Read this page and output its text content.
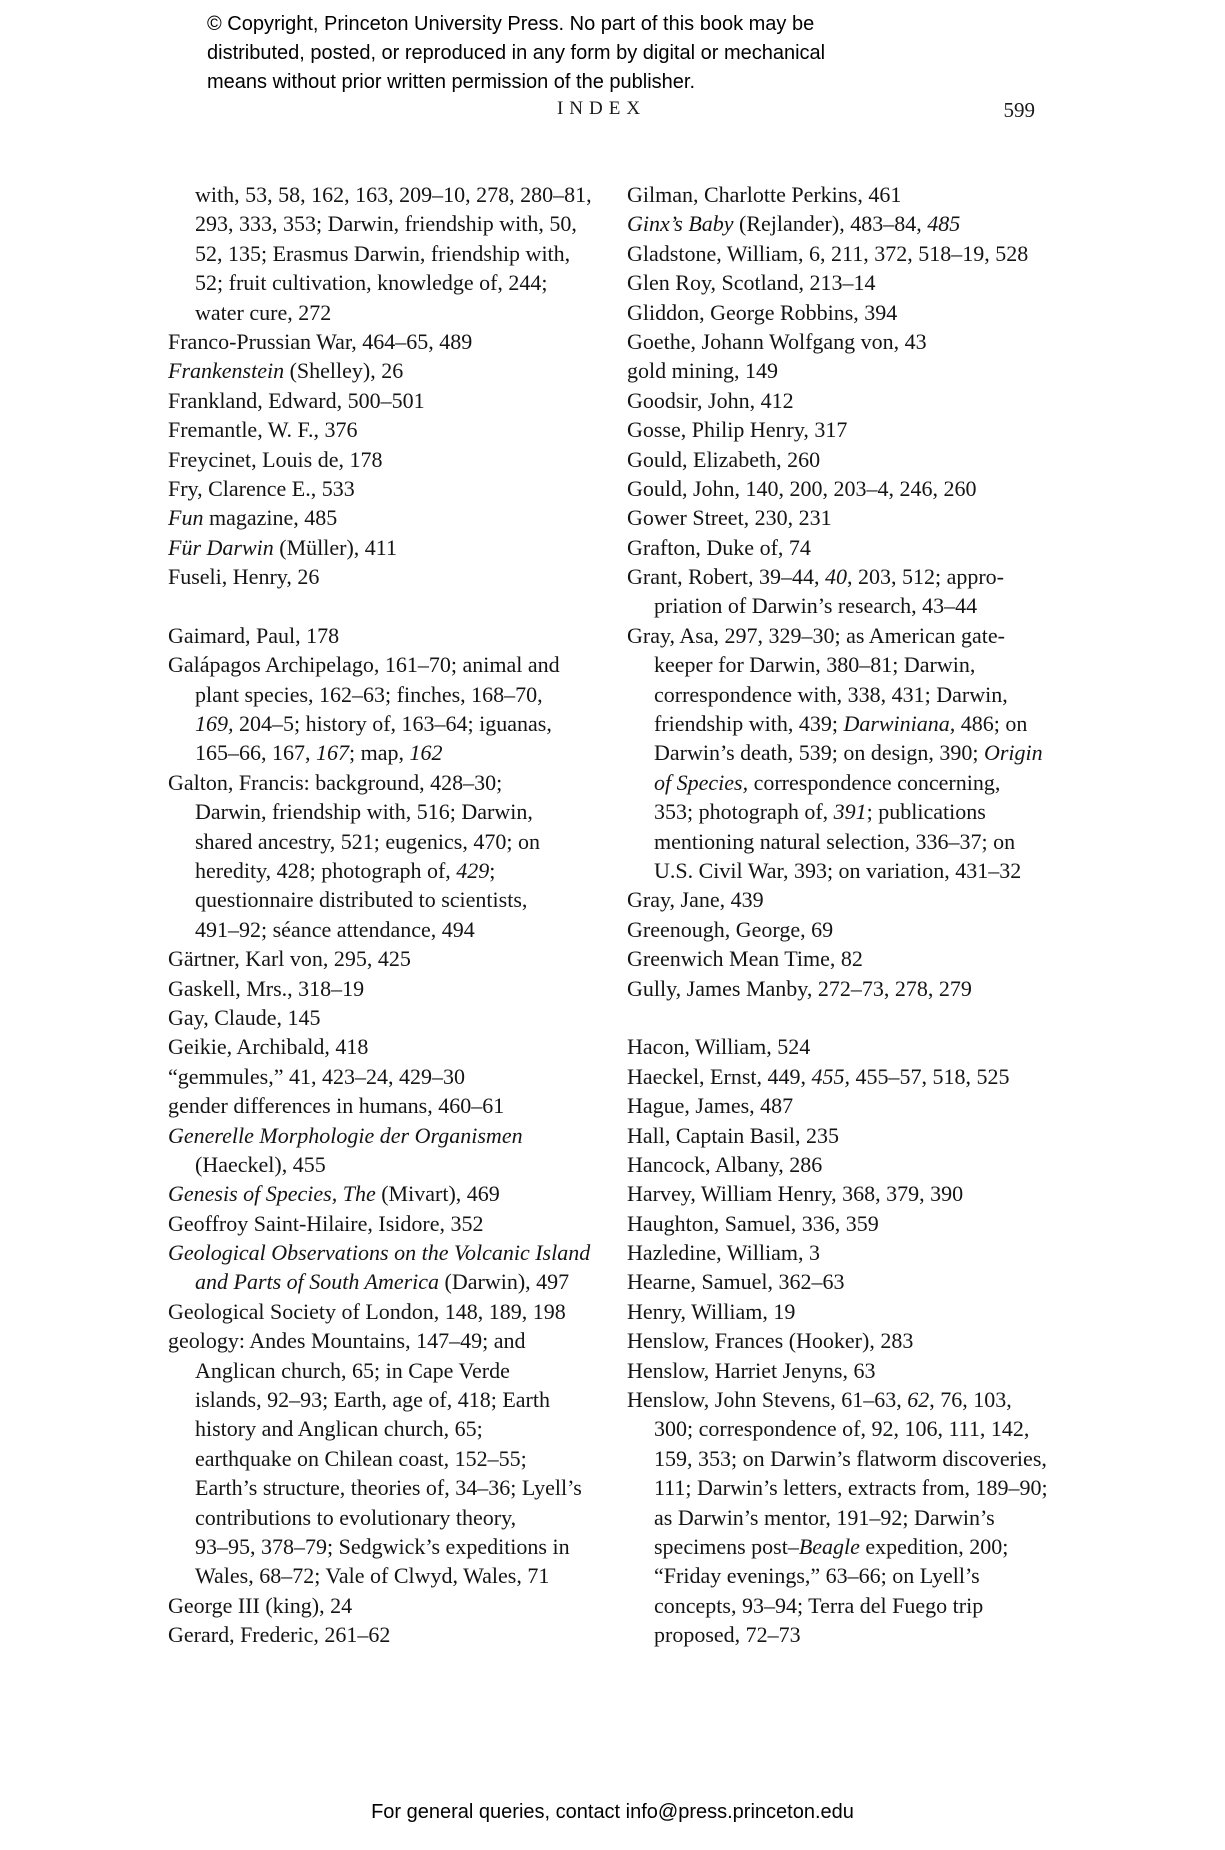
© Copyright, Princeton University Press. No part of this book may be
distributed, posted, or reproduced in any form by digital or mechanical
means without prior written permission of the publisher.
INDEX	599
with, 53, 58, 162, 163, 209–10, 278, 280–81,
293, 333, 353; Darwin, friendship with, 50,
52, 135; Erasmus Darwin, friendship with,
52; fruit cultivation, knowledge of, 244;
water cure, 272
Franco-Prussian War, 464–65, 489
Frankenstein (Shelley), 26
Frankland, Edward, 500–501
Fremantle, W. F., 376
Freycinet, Louis de, 178
Fry, Clarence E., 533
Fun magazine, 485
Für Darwin (Müller), 411
Fuseli, Henry, 26
Gaimard, Paul, 178
Galápagos Archipelago, 161–70; animal and
plant species, 162–63; finches, 168–70,
169, 204–5; history of, 163–64; iguanas,
165–66, 167, 167; map, 162
Galton, Francis: background, 428–30;
Darwin, friendship with, 516; Darwin,
shared ancestry, 521; eugenics, 470; on
heredity, 428; photograph of, 429;
questionnaire distributed to scientists,
491–92; séance attendance, 494
Gärtner, Karl von, 295, 425
Gaskell, Mrs., 318–19
Gay, Claude, 145
Geikie, Archibald, 418
“gemmules,” 41, 423–24, 429–30
gender differences in humans, 460–61
Generelle Morphologie der Organismen
(Haeckel), 455
Genesis of Species, The (Mivart), 469
Geoffroy Saint-Hilaire, Isidore, 352
Geological Observations on the Volcanic Island
and Parts of South America (Darwin), 497
Geological Society of London, 148, 189, 198
geology: Andes Mountains, 147–49; and
Anglican church, 65; in Cape Verde
islands, 92–93; Earth, age of, 418; Earth
history and Anglican church, 65;
earthquake on Chilean coast, 152–55;
Earth’s structure, theories of, 34–36; Lyell’s
contributions to evolutionary theory,
93–95, 378–79; Sedgwick’s expeditions in
Wales, 68–72; Vale of Clwyd, Wales, 71
George III (king), 24
Gerard, Frederic, 261–62
Gilman, Charlotte Perkins, 461
Ginx’s Baby (Rejlander), 483–84, 485
Gladstone, William, 6, 211, 372, 518–19, 528
Glen Roy, Scotland, 213–14
Gliddon, George Robbins, 394
Goethe, Johann Wolfgang von, 43
gold mining, 149
Goodsir, John, 412
Gosse, Philip Henry, 317
Gould, Elizabeth, 260
Gould, John, 140, 200, 203–4, 246, 260
Gower Street, 230, 231
Grafton, Duke of, 74
Grant, Robert, 39–44, 40, 203, 512; appro-
priation of Darwin’s research, 43–44
Gray, Asa, 297, 329–30; as American gate-
keeper for Darwin, 380–81; Darwin,
correspondence with, 338, 431; Darwin,
friendship with, 439; Darwiniana, 486; on
Darwin’s death, 539; on design, 390; Origin
of Species, correspondence concerning,
353; photograph of, 391; publications
mentioning natural selection, 336–37; on
U.S. Civil War, 393; on variation, 431–32
Gray, Jane, 439
Greenough, George, 69
Greenwich Mean Time, 82
Gully, James Manby, 272–73, 278, 279
Hacon, William, 524
Haeckel, Ernst, 449, 455, 455–57, 518, 525
Hague, James, 487
Hall, Captain Basil, 235
Hancock, Albany, 286
Harvey, William Henry, 368, 379, 390
Haughton, Samuel, 336, 359
Hazledine, William, 3
Hearne, Samuel, 362–63
Henry, William, 19
Henslow, Frances (Hooker), 283
Henslow, Harriet Jenyns, 63
Henslow, John Stevens, 61–63, 62, 76, 103,
300; correspondence of, 92, 106, 111, 142,
159, 353; on Darwin’s flatworm discoveries,
111; Darwin’s letters, extracts from, 189–90;
as Darwin’s mentor, 191–92; Darwin’s
specimens post–Beagle expedition, 200;
“Friday evenings,” 63–66; on Lyell’s
concepts, 93–94; Terra del Fuego trip
proposed, 72–73
For general queries, contact info@press.princeton.edu
